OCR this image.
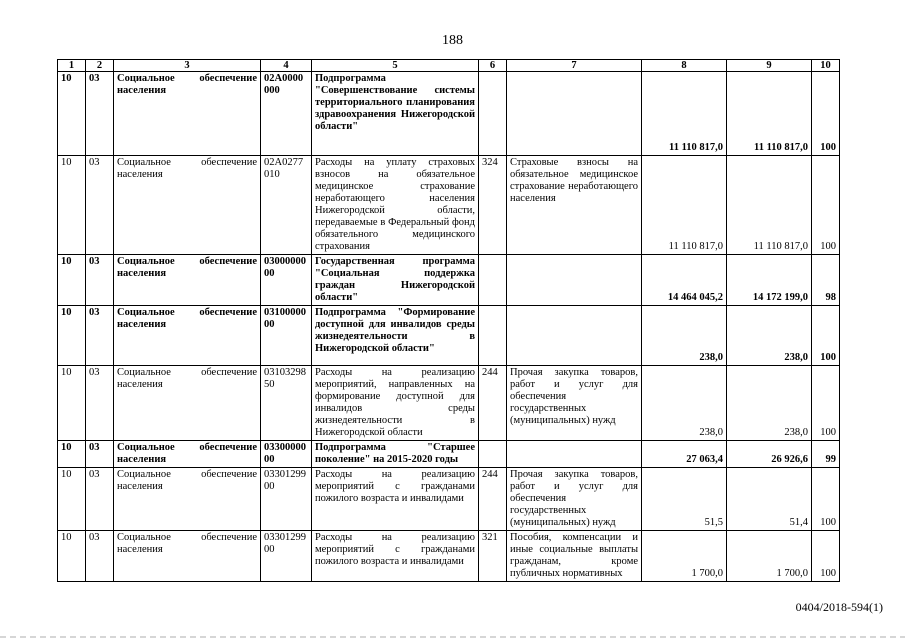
188
1	2	3	4	5	6	7	8	9	10
10	03	Социальное обеспечение населения	02А0000000	Подпрограмма "Совершенствование системы территориального планирования здравоохранения Нижегородской области"			11 110 817,0	11 110 817,0	100
10	03	Социальное обеспечение населения	02А0277010	Расходы на уплату страховых взносов на обязательное медицинское страхование неработающего населения Нижегородской области, передаваемые в Федеральный фонд обязательного медицинского страхования	324	Страховые взносы на обязательное медицинское страхование неработающего населения	11 110 817,0	11 110 817,0	100
10	03	Социальное обеспечение населения	0300000000	Государственная программа "Социальная поддержка граждан Нижегородской области"			14 464 045,2	14 172 199,0	98
10	03	Социальное обеспечение населения	0310000000	Подпрограмма "Формирование доступной для инвалидов среды жизнедеятельности в Нижегородской области"			238,0	238,0	100
10	03	Социальное обеспечение населения	0310329850	Расходы на реализацию мероприятий, направленных на формирование доступной для инвалидов среды жизнедеятельности в Нижегородской области	244	Прочая закупка товаров, работ и услуг для обеспечения государственных (муниципальных) нужд	238,0	238,0	100
10	03	Социальное обеспечение населения	0330000000	Подпрограмма "Старшее поколение" на 2015-2020 годы			27 063,4	26 926,6	99
10	03	Социальное обеспечение населения	0330129900	Расходы на реализацию мероприятий с гражданами пожилого возраста и инвалидами	244	Прочая закупка товаров, работ и услуг для обеспечения государственных (муниципальных) нужд	51,5	51,4	100
10	03	Социальное обеспечение населения	0330129900	Расходы на реализацию мероприятий с гражданами пожилого возраста и инвалидами	321	Пособия, компенсации и иные социальные выплаты гражданам, кроме публичных нормативных	1 700,0	1 700,0	100
0404/2018-594(1)
